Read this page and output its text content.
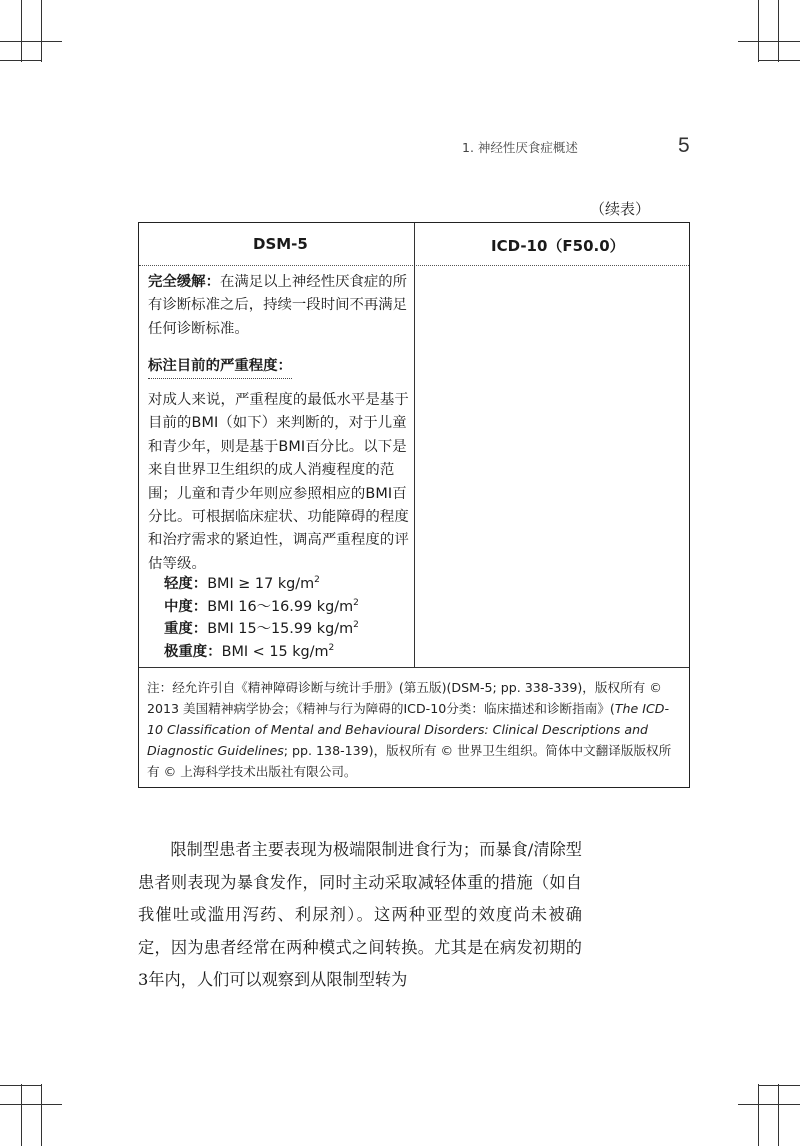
1. 神经性厌食症概述	5
（续表）
DSM-5	ICD-10（F50.0）
完全缓解：在满足以上神经性厌食症的所有诊断标准之后，持续一段时间不再满足任何诊断标准。
标注目前的严重程度：
对成人来说，严重程度的最低水平是基于目前的BMI（如下）来判断的，对于儿童和青少年，则是基于BMI百分比。以下是来自世界卫生组织的成人消瘦程度的范围；儿童和青少年则应参照相应的BMI百分比。可根据临床症状、功能障碍的程度和治疗需求的紧迫性，调高严重程度的评估等级。
轻度：BMI ≥ 17 $kg/m^2$
中度：BMI 16～16.99 $kg/m^2$
重度：BMI 15～15.99 $kg/m^2$
极重度：BMI < 15 $kg/m^2$
注：经允许引自《精神障碍诊断与统计手册》(第五版)(DSM-5; pp. 338-339)，版权所有 © 2013 美国精神病学协会；《精神与行为障碍的ICD-10分类：临床描述和诊断指南》(The ICD-10 Classification of Mental and Behavioural Disorders: Clinical Descriptions and Diagnostic Guidelines; pp. 138-139)，版权所有 © 世界卫生组织。简体中文翻译版版权所有 © 上海科学技术出版社有限公司。

限制型患者主要表现为极端限制进食行为；而暴食/清除型患者则表现为暴食发作，同时主动采取减轻体重的措施（如自我催吐或滥用泻药、利尿剂）。这两种亚型的效度尚未被确定，因为患者经常在两种模式之间转换。尤其是在病发初期的3年内，人们可以观察到从限制型转为
